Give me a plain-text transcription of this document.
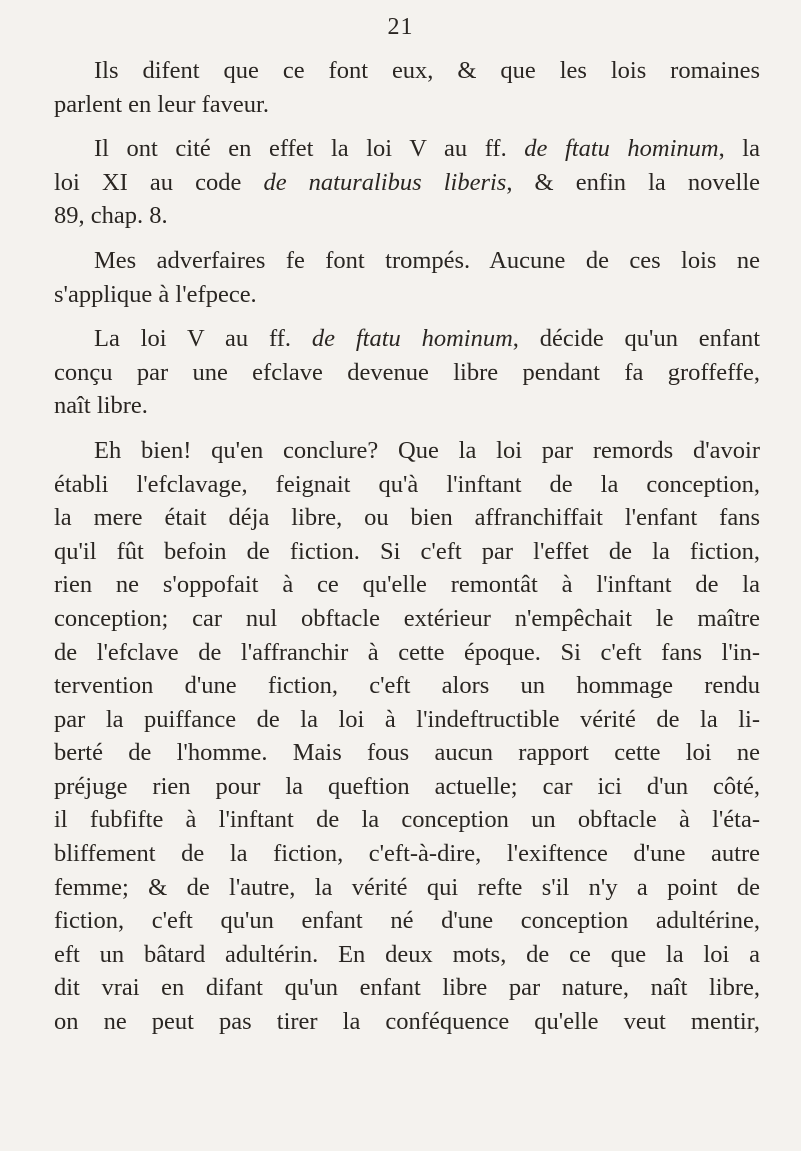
21

Ils difent que ce font eux, & que les lois romaines
parlent en leur faveur.
Il ont cité en effet la loi V au ff. de ftatu hominum, la
loi XI au code de naturalibus liberis, & enfin la novelle
89, chap. 8.
Mes adverfaires fe font trompés. Aucune de ces lois ne
s'applique à l'efpece.
La loi V au ff. de ftatu hominum, décide qu'un enfant
conçu par une efclave devenue libre pendant fa groffeffe,
naît libre.
Eh bien! qu'en conclure? Que la loi par remords d'avoir
établi l'efclavage, feignait qu'à l'inftant de la conception,
la mere était déja libre, ou bien affranchiffait l'enfant fans
qu'il fût befoin de fiction. Si c'eft par l'effet de la fiction,
rien ne s'oppofait à ce qu'elle remontât à l'inftant de la
conception; car nul obftacle extérieur n'empêchait le maître
de l'efclave de l'affranchir à cette époque. Si c'eft fans l'in-
tervention d'une fiction, c'eft alors un hommage rendu
par la puiffance de la loi à l'indeftructible vérité de la li-
berté de l'homme. Mais fous aucun rapport cette loi ne
préjuge rien pour la queftion actuelle; car ici d'un côté,
il fubfifte à l'inftant de la conception un obftacle à l'éta-
bliffement de la fiction, c'eft-à-dire, l'exiftence d'une autre
femme; & de l'autre, la vérité qui refte s'il n'y a point de
fiction, c'eft qu'un enfant né d'une conception adultérine,
eft un bâtard adultérin. En deux mots, de ce que la loi a
dit vrai en difant qu'un enfant libre par nature, naît libre,
on ne peut pas tirer la conféquence qu'elle veut mentir,
